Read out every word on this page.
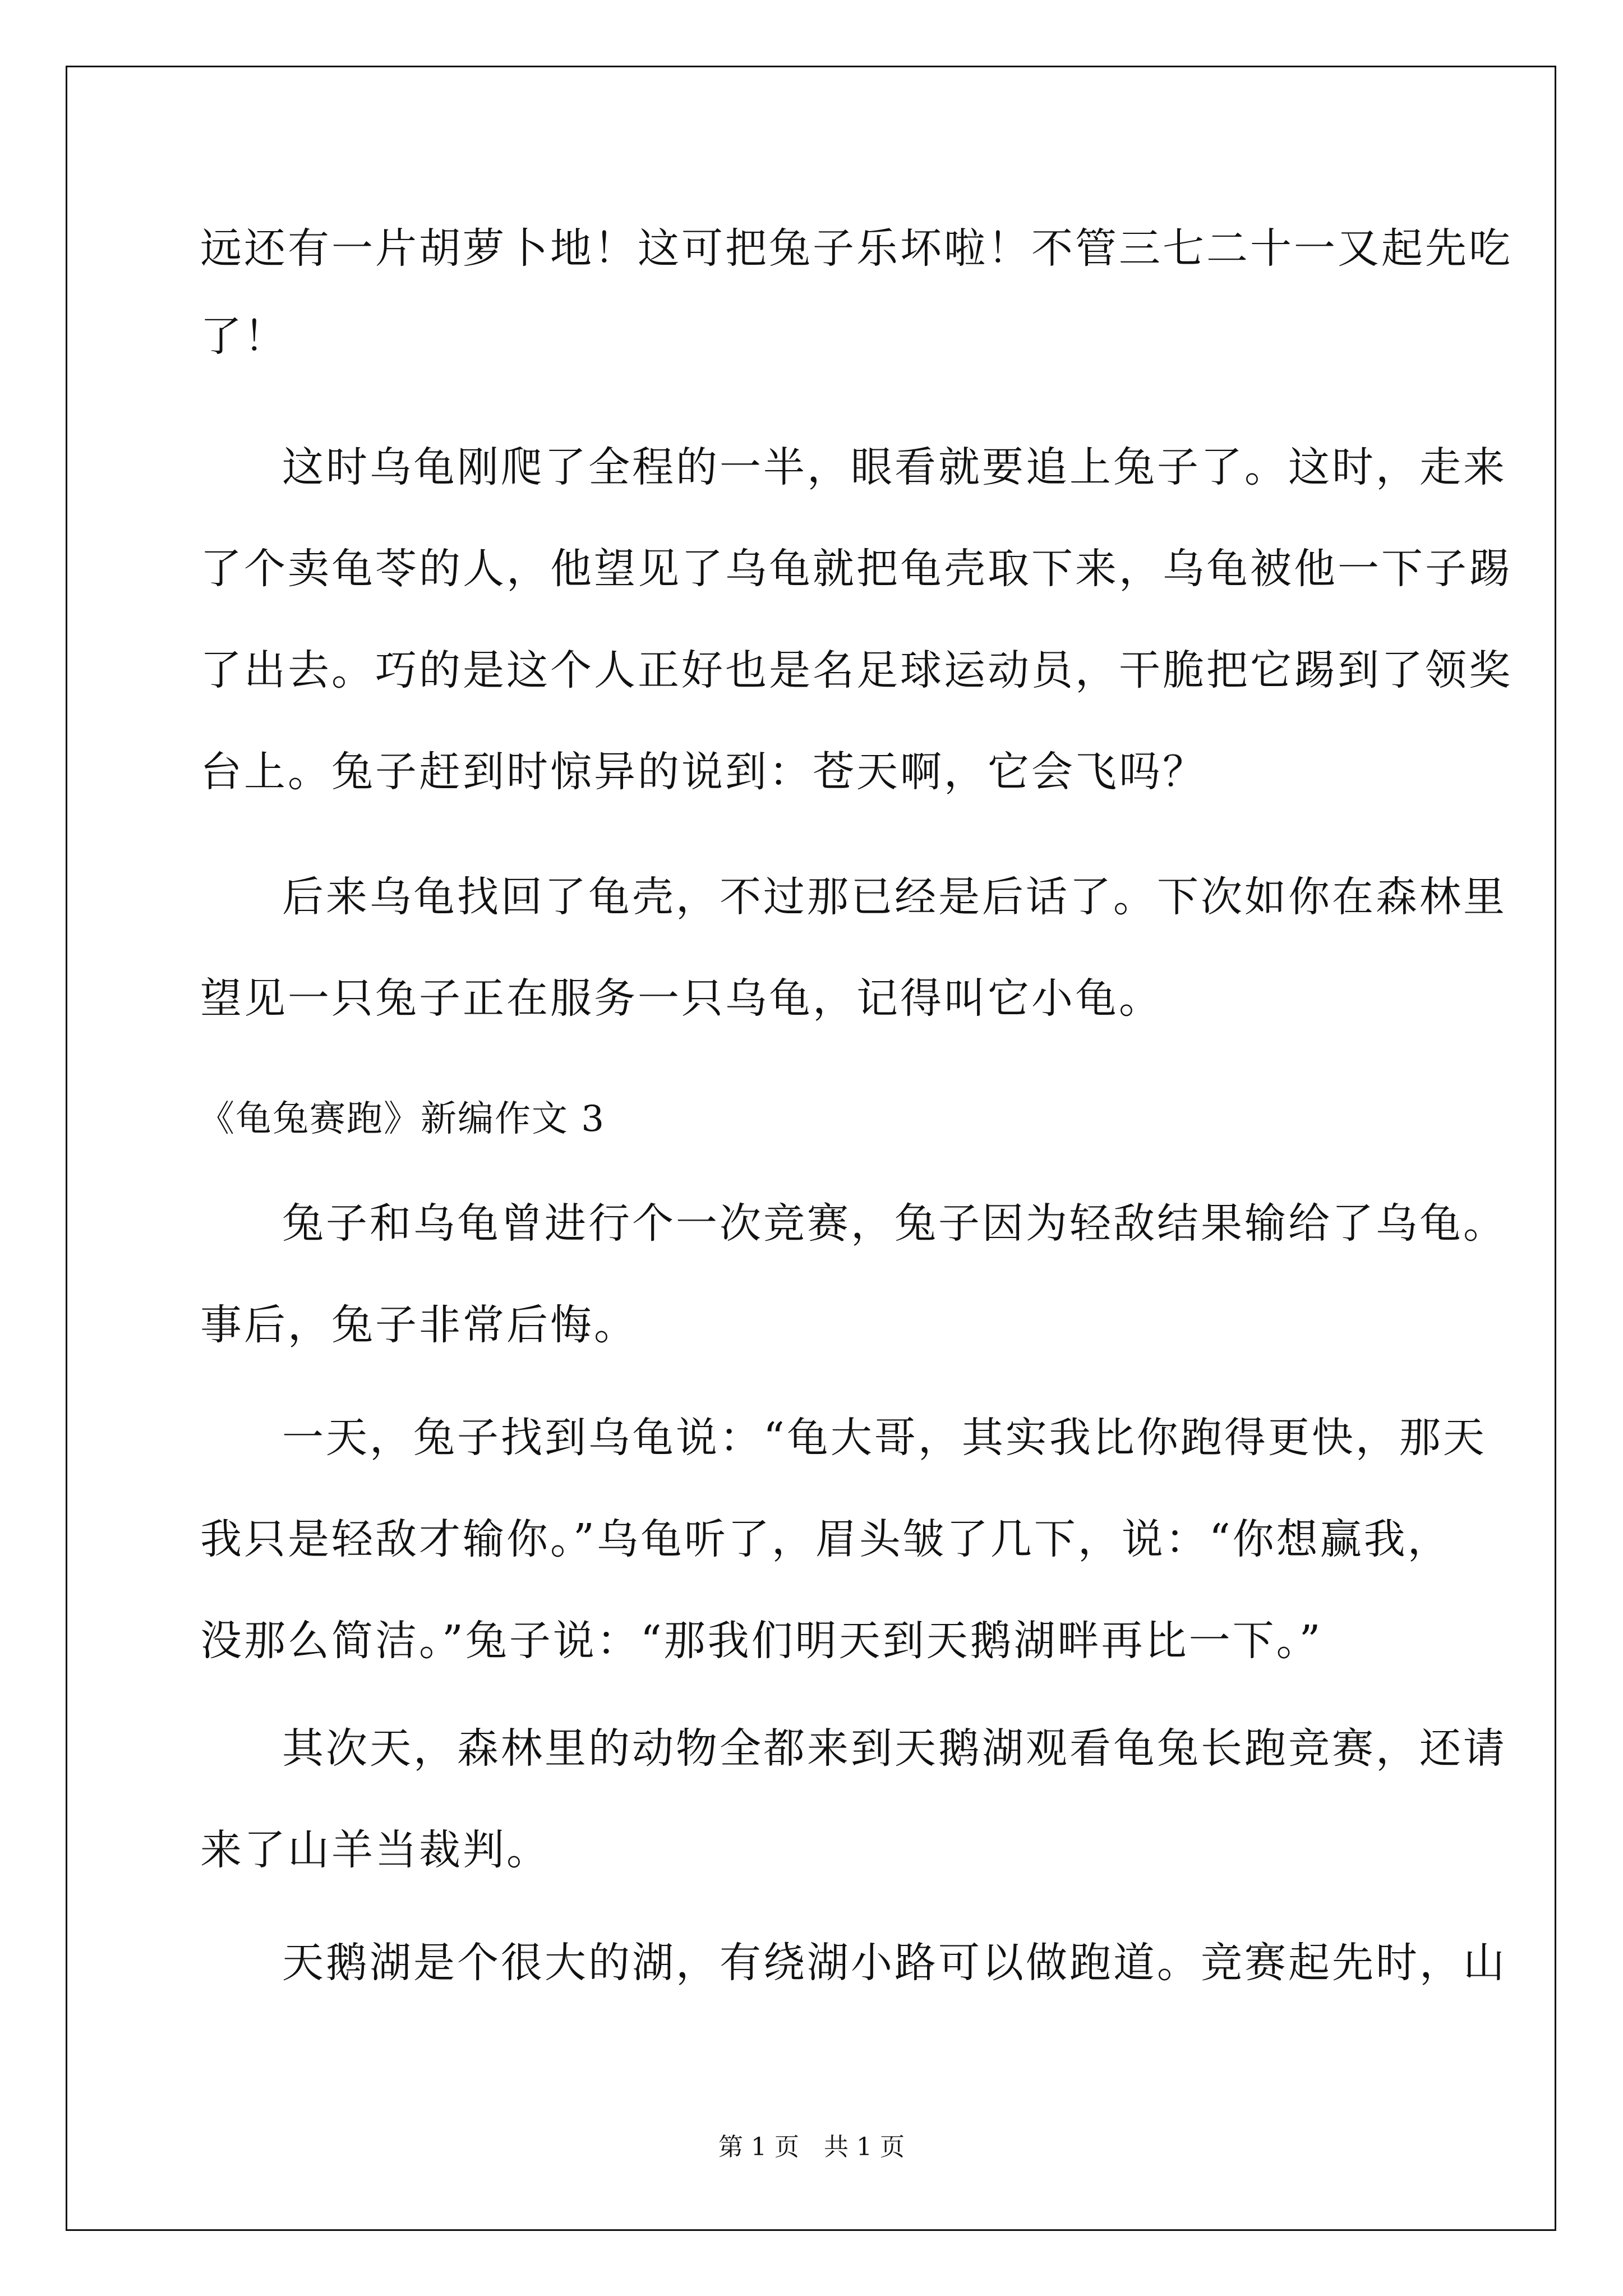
远还有一片胡萝卜地！这可把兔子乐坏啦！不管三七二十一又起先吃
了！
这时乌龟刚爬了全程的一半，眼看就要追上兔子了。这时，走来
了个卖龟苓的人，他望见了乌龟就把龟壳取下来，乌龟被他一下子踢
了出去。巧的是这个人正好也是名足球运动员，干脆把它踢到了领奖
台上。兔子赶到时惊异的说到：苍天啊，它会飞吗？
后来乌龟找回了龟壳，不过那已经是后话了。下次如你在森林里
望见一只兔子正在服务一只乌龟，记得叫它小龟。
《龟兔赛跑》新编作文 3
兔子和乌龟曾进行个一次竞赛，兔子因为轻敌结果输给了乌龟。
事后，兔子非常后悔。
一天，兔子找到乌龟说：“龟大哥，其实我比你跑得更快，那天
我只是轻敌才输你。”乌龟听了，眉头皱了几下，说：“你想赢我，
没那么简洁。”兔子说：“那我们明天到天鹅湖畔再比一下。”
其次天，森林里的动物全都来到天鹅湖观看龟兔长跑竞赛，还请
来了山羊当裁判。
天鹅湖是个很大的湖，有绕湖小路可以做跑道。竞赛起先时，山
第 1 页　共 1 页
